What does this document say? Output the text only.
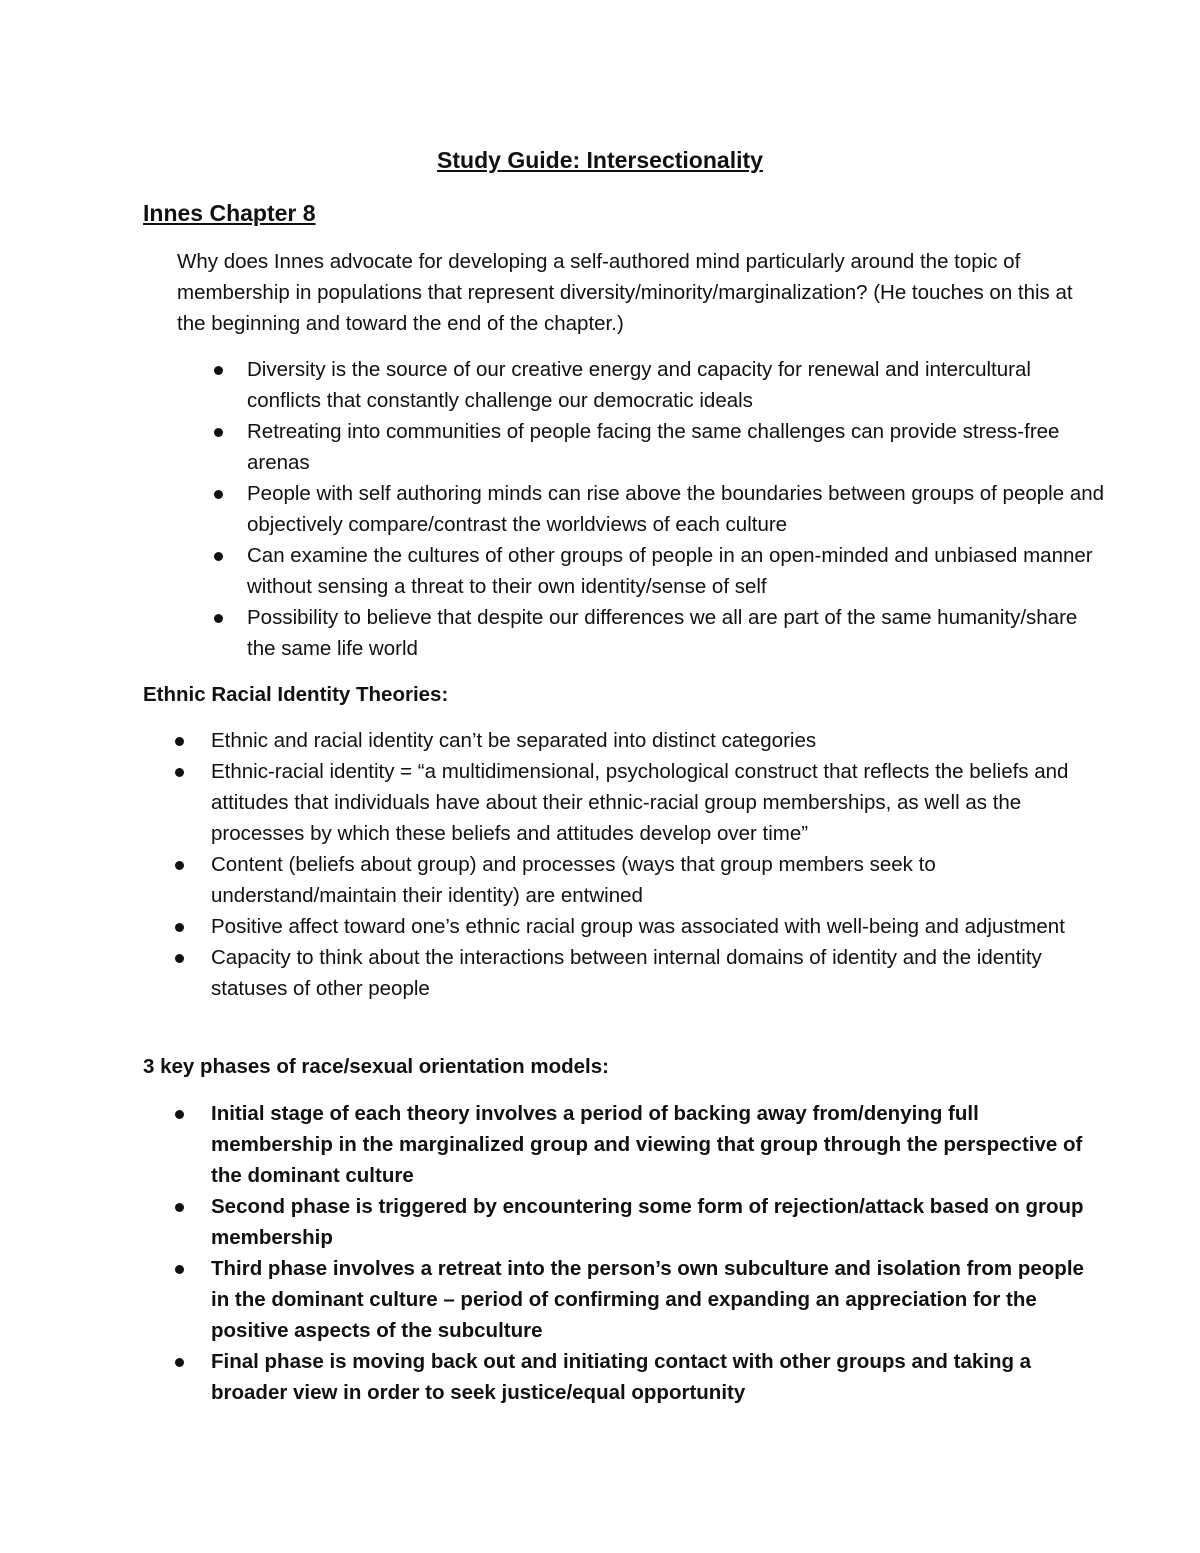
Study Guide: Intersectionality
Innes Chapter 8

Why does Innes advocate for developing a self-authored mind particularly around the topic of membership in populations that represent diversity/minority/marginalization? (He touches on this at the beginning and toward the end of the chapter.)

Diversity is the source of our creative energy and capacity for renewal and intercultural conflicts that constantly challenge our democratic ideals
Retreating into communities of people facing the same challenges can provide stress-free arenas
People with self authoring minds can rise above the boundaries between groups of people and objectively compare/contrast the worldviews of each culture
Can examine the cultures of other groups of people in an open-minded and unbiased manner without sensing a threat to their own identity/sense of self
Possibility to believe that despite our differences we all are part of the same humanity/share the same life world
Ethnic Racial Identity Theories:
Ethnic and racial identity can’t be separated into distinct categories
Ethnic-racial identity = “a multidimensional, psychological construct that reflects the beliefs and attitudes that individuals have about their ethnic-racial group memberships, as well as the processes by which these beliefs and attitudes develop over time”
Content (beliefs about group) and processes (ways that group members seek to understand/maintain their identity) are entwined
Positive affect toward one’s ethnic racial group was associated with well-being and adjustment
Capacity to think about the interactions between internal domains of identity and the identity statuses of other people
3 key phases of race/sexual orientation models:
Initial stage of each theory involves a period of backing away from/denying full membership in the marginalized group and viewing that group through the perspective of the dominant culture
Second phase is triggered by encountering some form of rejection/attack based on group membership
Third phase involves a retreat into the person’s own subculture and isolation from people in the dominant culture – period of confirming and expanding an appreciation for the positive aspects of the subculture
Final phase is moving back out and initiating contact with other groups and taking a broader view in order to seek justice/equal opportunity
